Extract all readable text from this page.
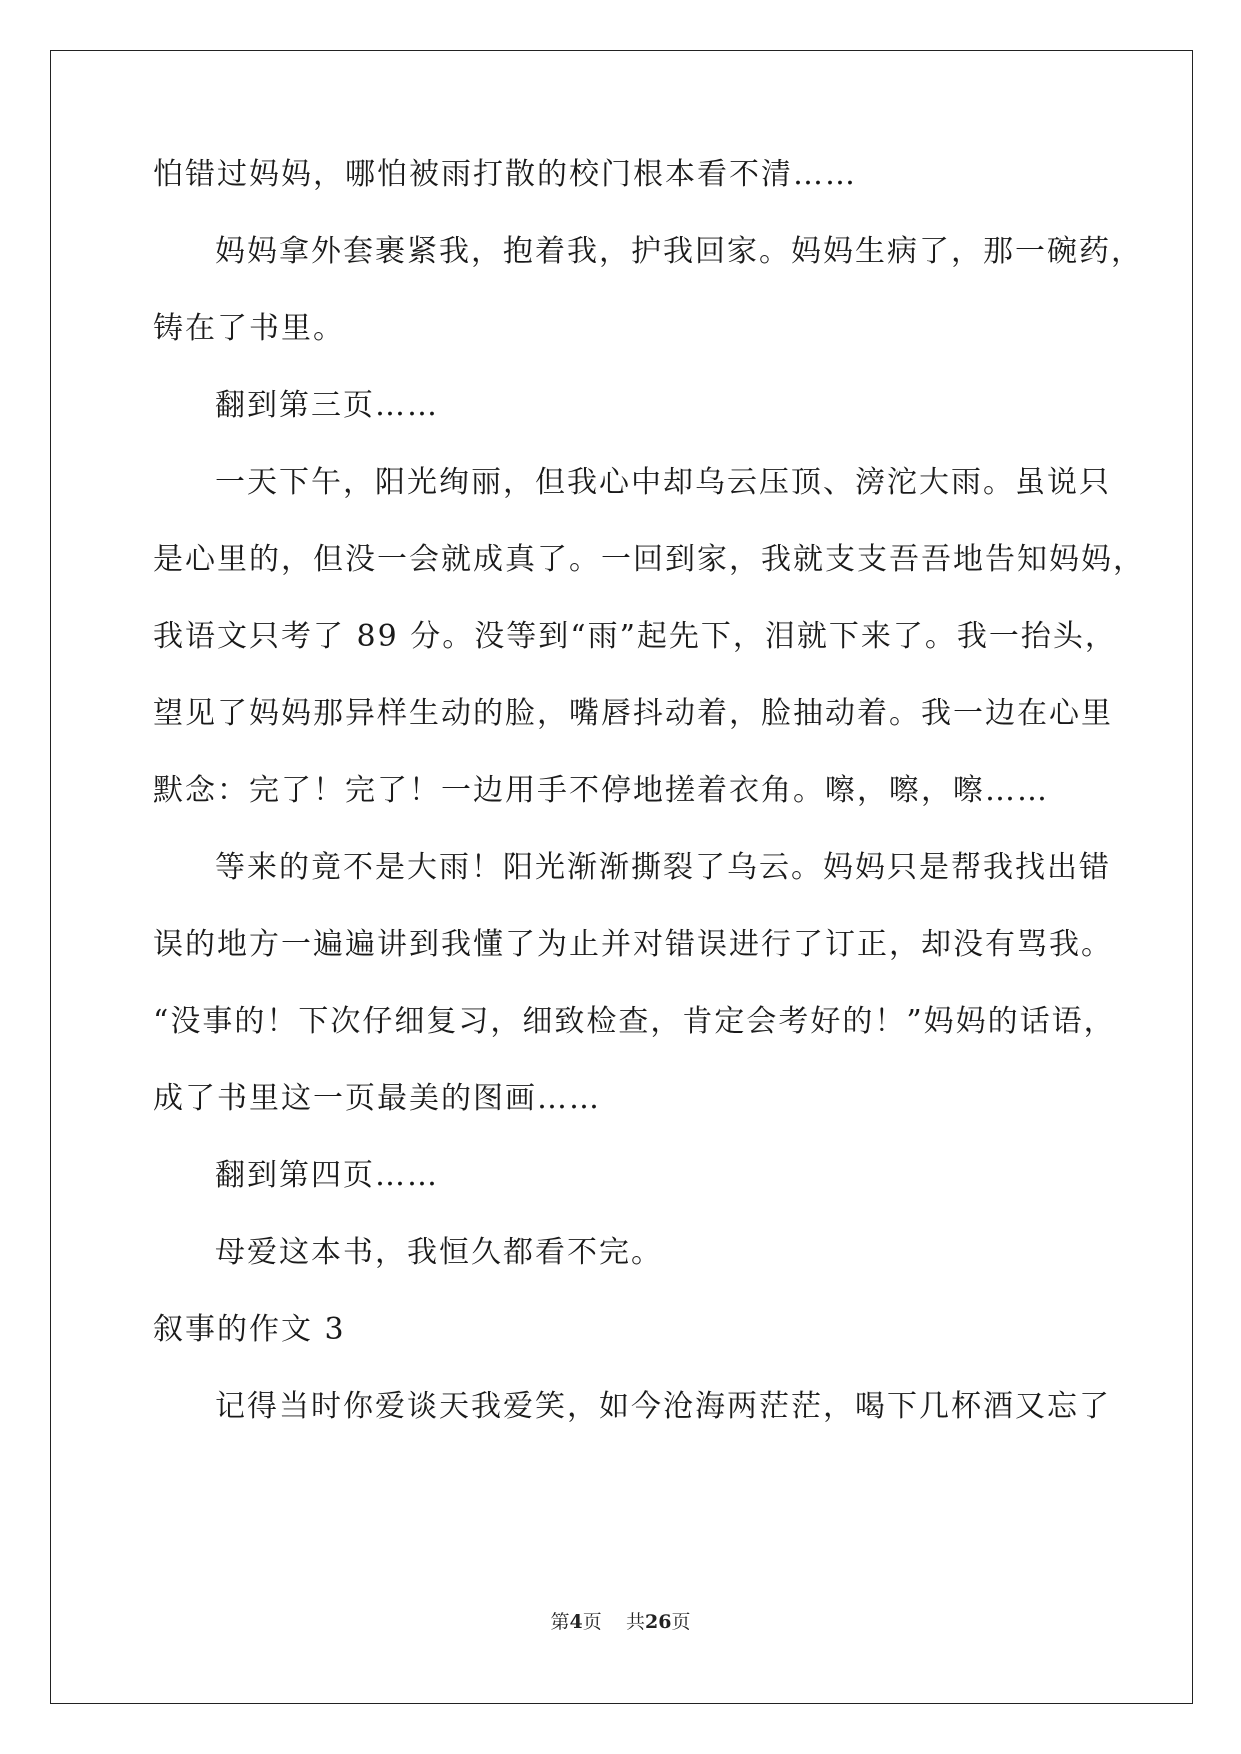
怕错过妈妈，哪怕被雨打散的校门根本看不清……
妈妈拿外套裹紧我，抱着我，护我回家。妈妈生病了，那一碗药，
铸在了书里。
翻到第三页……
一天下午，阳光绚丽，但我心中却乌云压顶、滂沱大雨。虽说只
是心里的，但没一会就成真了。一回到家，我就支支吾吾地告知妈妈，
我语文只考了 89 分。没等到“雨”起先下，泪就下来了。我一抬头，
望见了妈妈那异样生动的脸，嘴唇抖动着，脸抽动着。我一边在心里
默念：完了！完了！一边用手不停地搓着衣角。嚓，嚓，嚓……
等来的竟不是大雨！阳光渐渐撕裂了乌云。妈妈只是帮我找出错
误的地方一遍遍讲到我懂了为止并对错误进行了订正，却没有骂我。
“没事的！下次仔细复习，细致检查，肯定会考好的！”妈妈的话语，
成了书里这一页最美的图画……
翻到第四页……
母爱这本书，我恒久都看不完。
叙事的作文 3
记得当时你爱谈天我爱笑，如今沧海两茫茫，喝下几杯酒又忘了
第4页 共26页
